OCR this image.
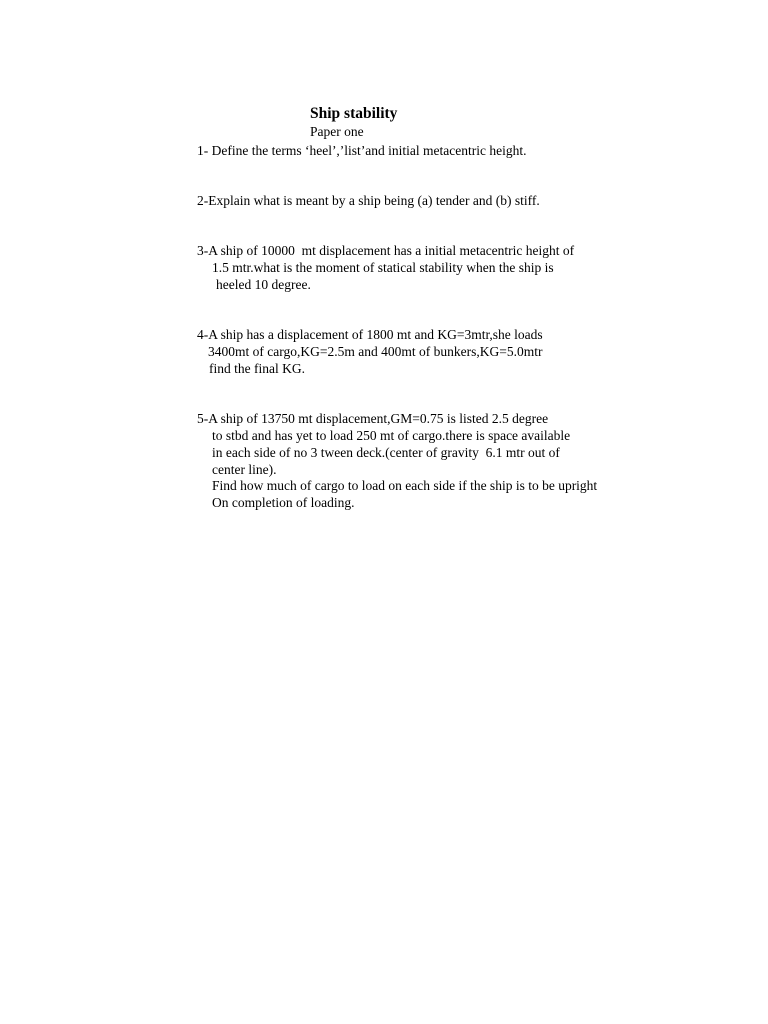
Ship stability
Paper one
1- Define the terms ‘heel’,’list’and initial metacentric height.
2-Explain what is meant by a ship being (a) tender and (b) stiff.
3-A ship of 10000  mt displacement has a initial metacentric height of
1.5 mtr.what is the moment of statical stability when the ship is
heeled 10 degree.
4-A ship has a displacement of 1800 mt and KG=3mtr,she loads
3400mt of cargo,KG=2.5m and 400mt of bunkers,KG=5.0mtr
find the final KG.
5-A ship of 13750 mt displacement,GM=0.75 is listed 2.5 degree
to stbd and has yet to load 250 mt of cargo.there is space available
in each side of no 3 tween deck.(center of gravity  6.1 mtr out of
center line).
Find how much of cargo to load on each side if the ship is to be upright
On completion of loading.
